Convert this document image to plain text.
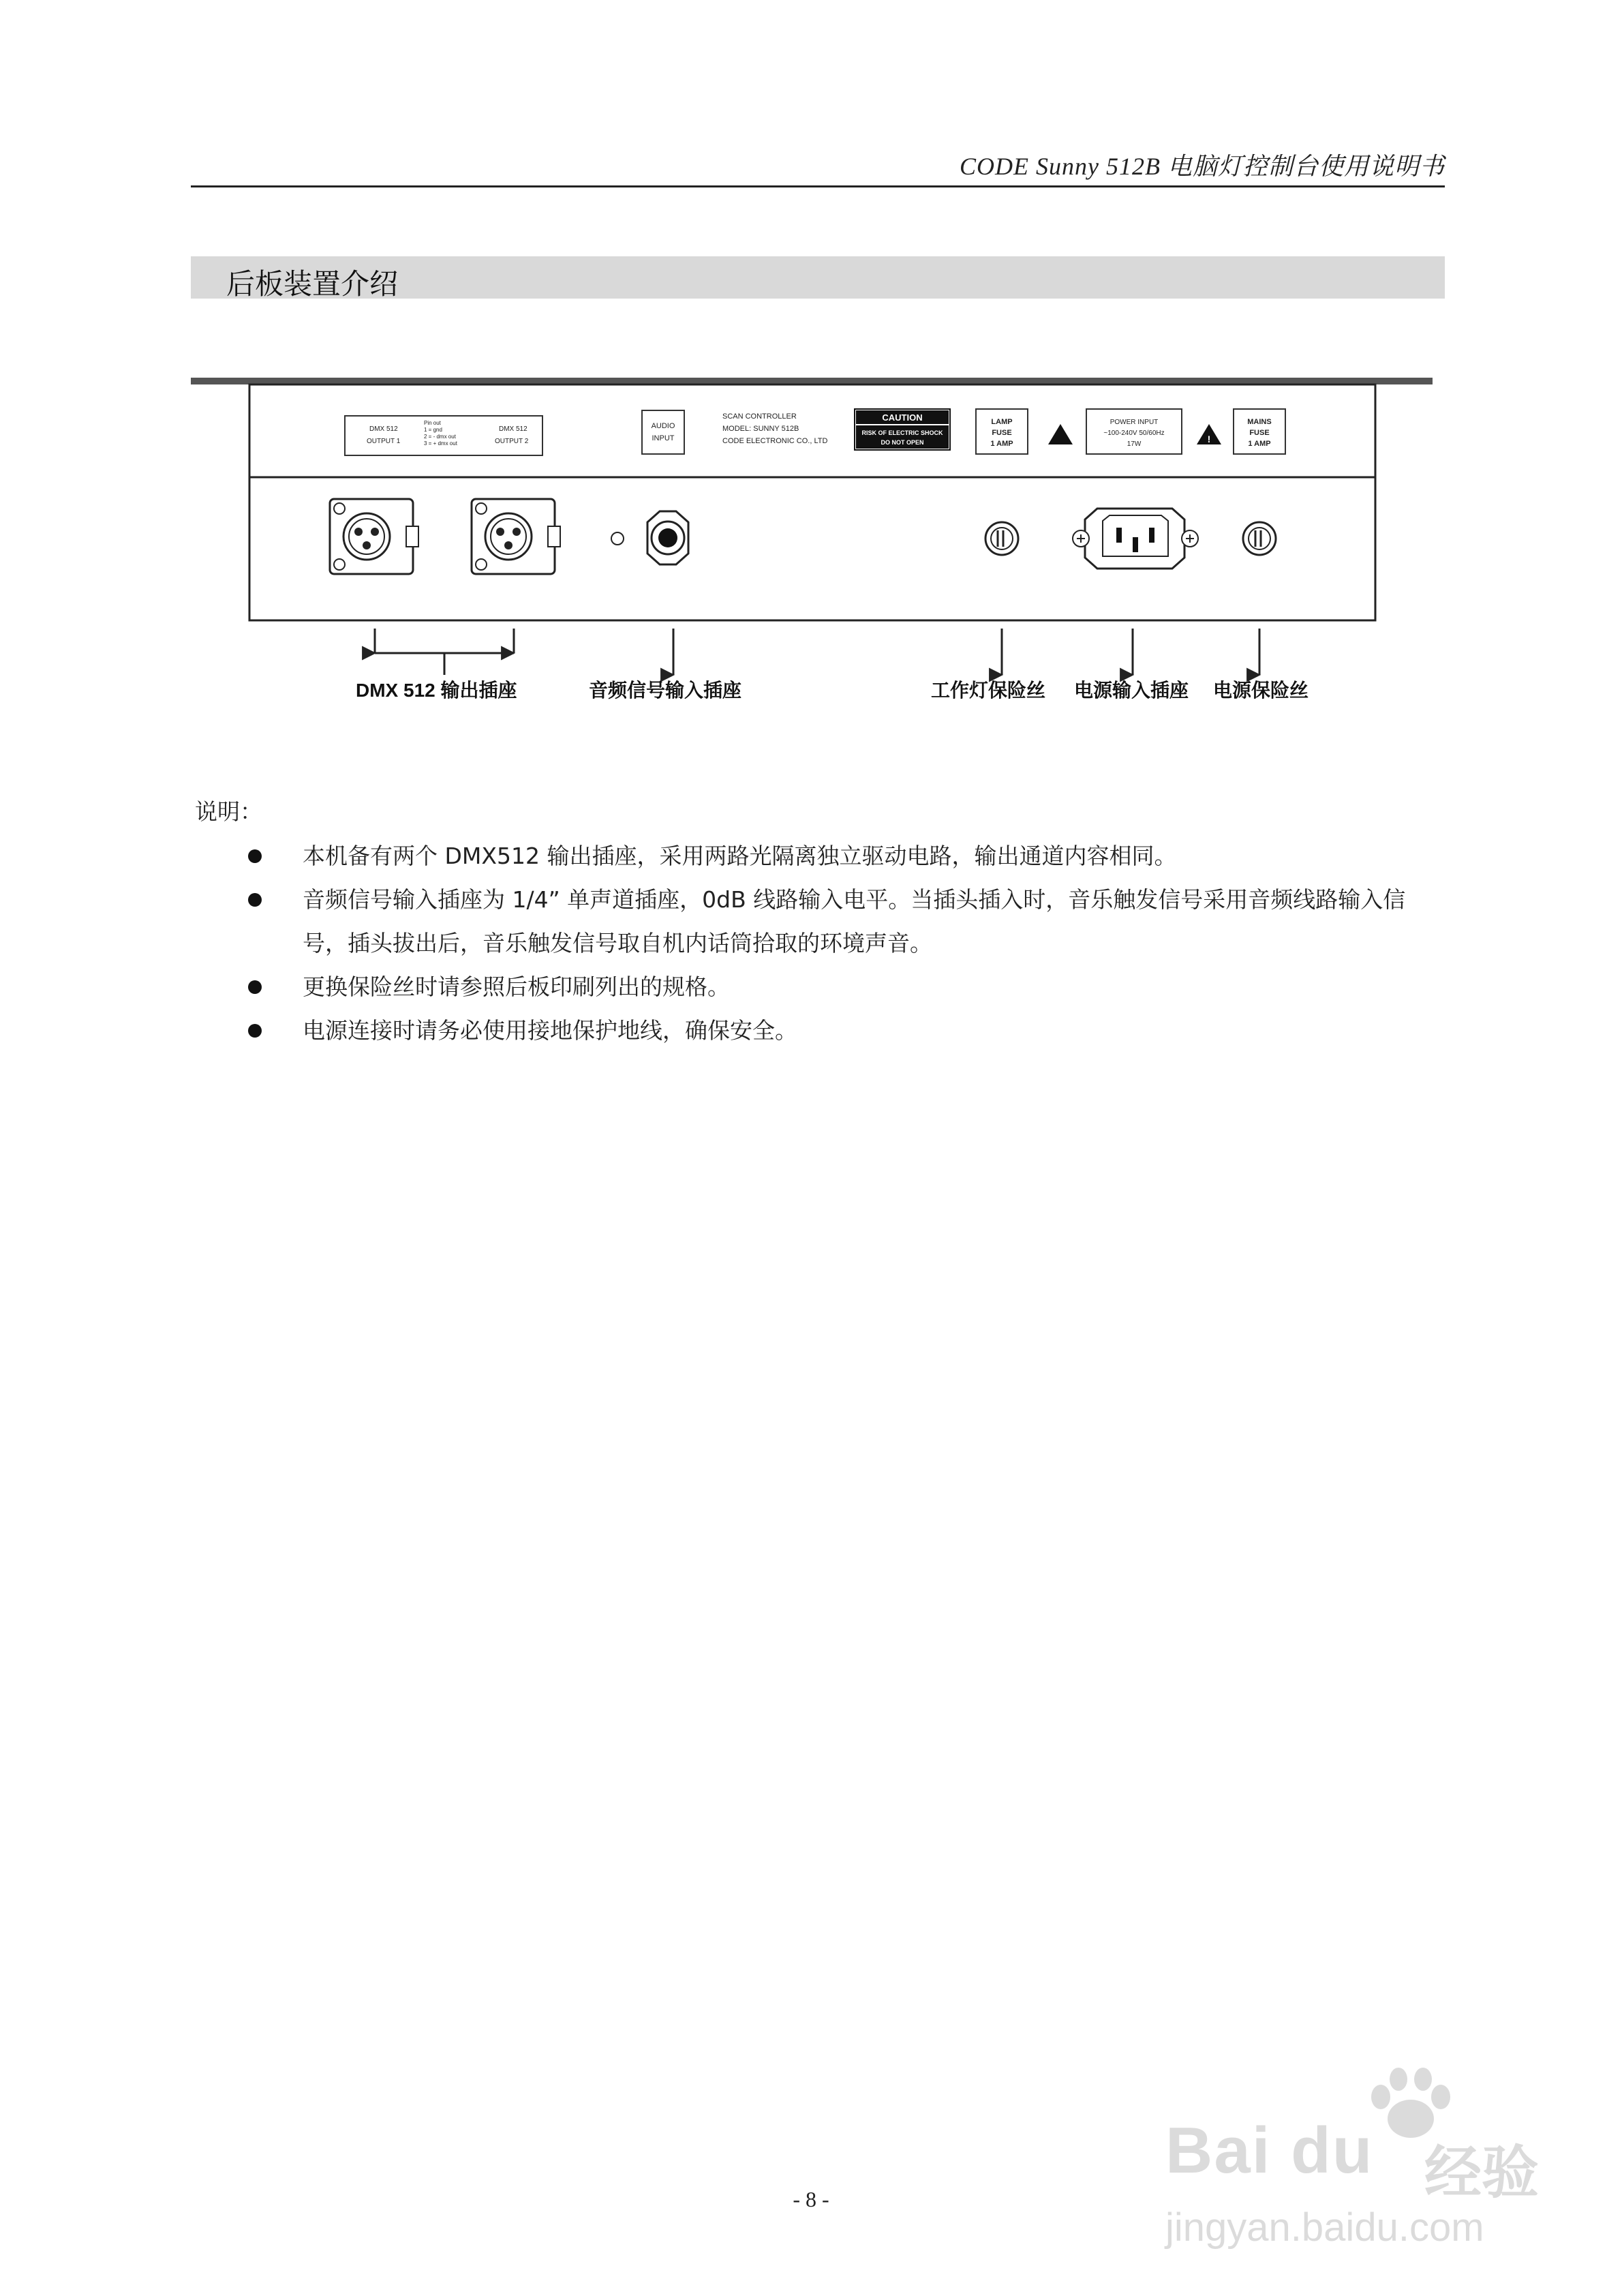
CODE Sunny 512B 电脑灯控制台使用说明书
后板装置介绍
DMX 512
OUTPUT 1
Pin out
1 = gnd
2 = - dmx out
3 = + dmx out
DMX 512
OUTPUT 2
AUDIO
INPUT
SCAN CONTROLLER
MODEL: SUNNY 512B
CODE ELECTRONIC CO., LTD
CAUTION
RISK OF ELECTRIC SHOCK
DO NOT OPEN
LAMP
FUSE
1 AMP
POWER INPUT
~100-240V 50/60Hz
17W	!
MAINS
FUSE
1 AMP
DMX 512 输出插座	音频信号输入插座	工作灯保险丝 电源输入插座 电源保险丝
说明：
本机备有两个 DMX512 输出插座，采用两路光隔离独立驱动电路，输出通道内容相同。
音频信号输入插座为 1/4” 单声道插座，0dB 线路输入电平。当插头插入时，音乐触发信号采用音频线路输入信号，插头拔出后，音乐触发信号取自机内话筒拾取的环境声音。
更换保险丝时请参照后板印刷列出的规格。
电源连接时请务必使用接地保护地线，确保安全。
Bai du 经验
jingyan.baidu.com
- 8 -
